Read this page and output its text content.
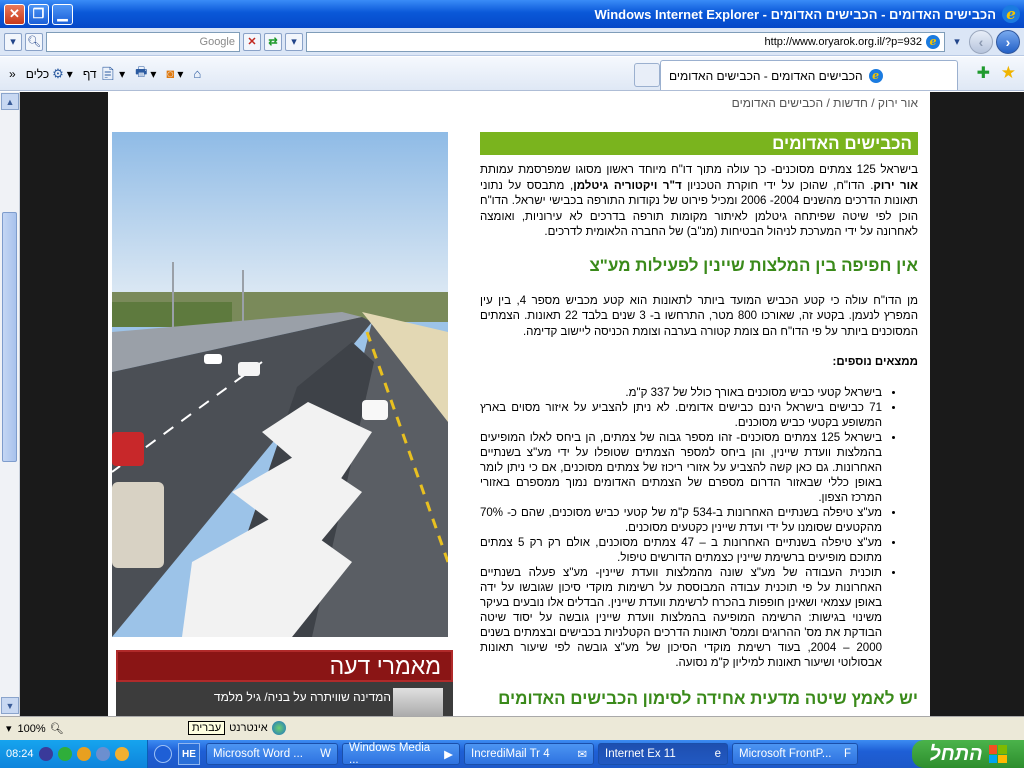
✕ ❐	▁	e
הכבישים האדומים - הכבישים האדומים - Windows Internet Explorer
▾	🔍︎	Google	✕	⇄	▾	http://www.oryarok.org.il/?p=932 e	▾	‹	›
» כלים ⚙ ▾ דף 📄︎ ▾ 🖶 ▾ ◙ ▾ ⌂	e
הכבישים האדומים - הכבישים האדומים	✚ ★
▲
▼
אור ירוק / חדשות / הכבישים האדומים
מאמרי דעה
המדינה שוויתרה על בניה/ גיל מלמד
הכבישים האדומים

בישראל 125 צמתים מסוכנים- כך עולה מתוך דו"ח מיוחד ראשון מסוגו שמפרסמת עמותת אור ירוק. הדו"ח, שהוכן על ידי חוקרת הטכניון ד"ר ויקטוריה גיטלמן, מתבסס על נתוני תאונות הדרכים מהשנים 2004- 2006 ומכיל פירוט של נקודות התורפה בכבישי ישראל. הדו"ח הוכן לפי שיטה שפיתחה גיטלמן לאיתור מקומות תורפה בדרכים לא עירוניות, ואומצה לאחרונה על ידי המערכת לניהול הבטיחות (מנ"ב) של החברה הלאומית לדרכים.

אין חפיפה בין המלצות שיינין לפעילות מע"צ

מן הדו"ח עולה כי קטע הכביש המועד ביותר לתאונות הוא קטע מכביש מספר 4, בין עין המפרץ לנעמן. בקטע זה, שאורכו 800 מטר, התרחשו ב- 3 שנים בלבד 22 תאונות. הצמתים המסוכנים ביותר על פי הדו"ח הם צומת קטורה בערבה וצומת הכניסה ליישוב קדימה.

ממצאים נוספים:

• בישראל קטעי כביש מסוכנים באורך כולל של 337 ק"מ.
• 71 כבישים בישראל הינם כבישים אדומים. לא ניתן להצביע על איזור מסוים בארץ המשופע בקטעי כביש מסוכנים.
• בישראל 125 צמתים מסוכנים- זהו מספר גבוה של צמתים, הן ביחס לאלו המופיעים בהמלצות וועדת שיינין, והן ביחס למספר הצמתים שטופלו על ידי מע"צ בשנתיים האחרונות. גם כאן קשה להצביע על אזורי ריכוז של צמתים מסוכנים, אם כי ניתן לומר באופן כללי שבאזור הדרום מספרם של הצמתים האדומים נמוך ממספרם באזורי המרכז הצפון.
• מע"צ טיפלה בשנתיים האחרונות ב-534 ק"מ של קטעי כביש מסוכנים, שהם כ- 70% מהקטעים שסומנו על ידי ועדת שיינין כקטעים מסוכנים.
• מע"צ טיפלה בשנתיים האחרונות ב – 47 צמתים מסוכנים, אולם רק רק 5 צמתים מתוכם מופיעים ברשימת שיינין כצמתים הדורשים טיפול.
• תוכנית העבודה של מע"צ שונה מהמלצות וועדת שיינין- מע"צ פעלה בשנתיים האחרונות על פי תוכנית עבודה המבוססת על רשימות מוקדי סיכון שגובשו על ידה באופן עצמאי ושאינן חופפות בהכרח לרשימת וועדת שיינין. הבדלים אלו נובעים בעיקר משינוי בגישות: הרשימה המופיעה בהמלצות וועדת שיינין גובשה על יסוד שיטה הבודקת את מס' ההרוגים וממס' תאונות הדרכים הקטלניות בכבישים ובצמתים בשנים 2000 – 2004, בעוד רשימת מוקדי הסיכון של מע"צ גובשה לפי שיעור תאונות אבסולוטי ושיעור תאונות למיליון ק"מ נסועה.
יש לאמץ שיטה מדעית אחידה לסימון הכבישים האדומים
▾ 100% 🔍︎	עברית אינטרנט
08:24	HE	Microsoft Word ... W Windows Media ...	▶ IncrediMail Tr 4 ✉ Internet Ex 11	e Microsoft FrontP... F	התחל
